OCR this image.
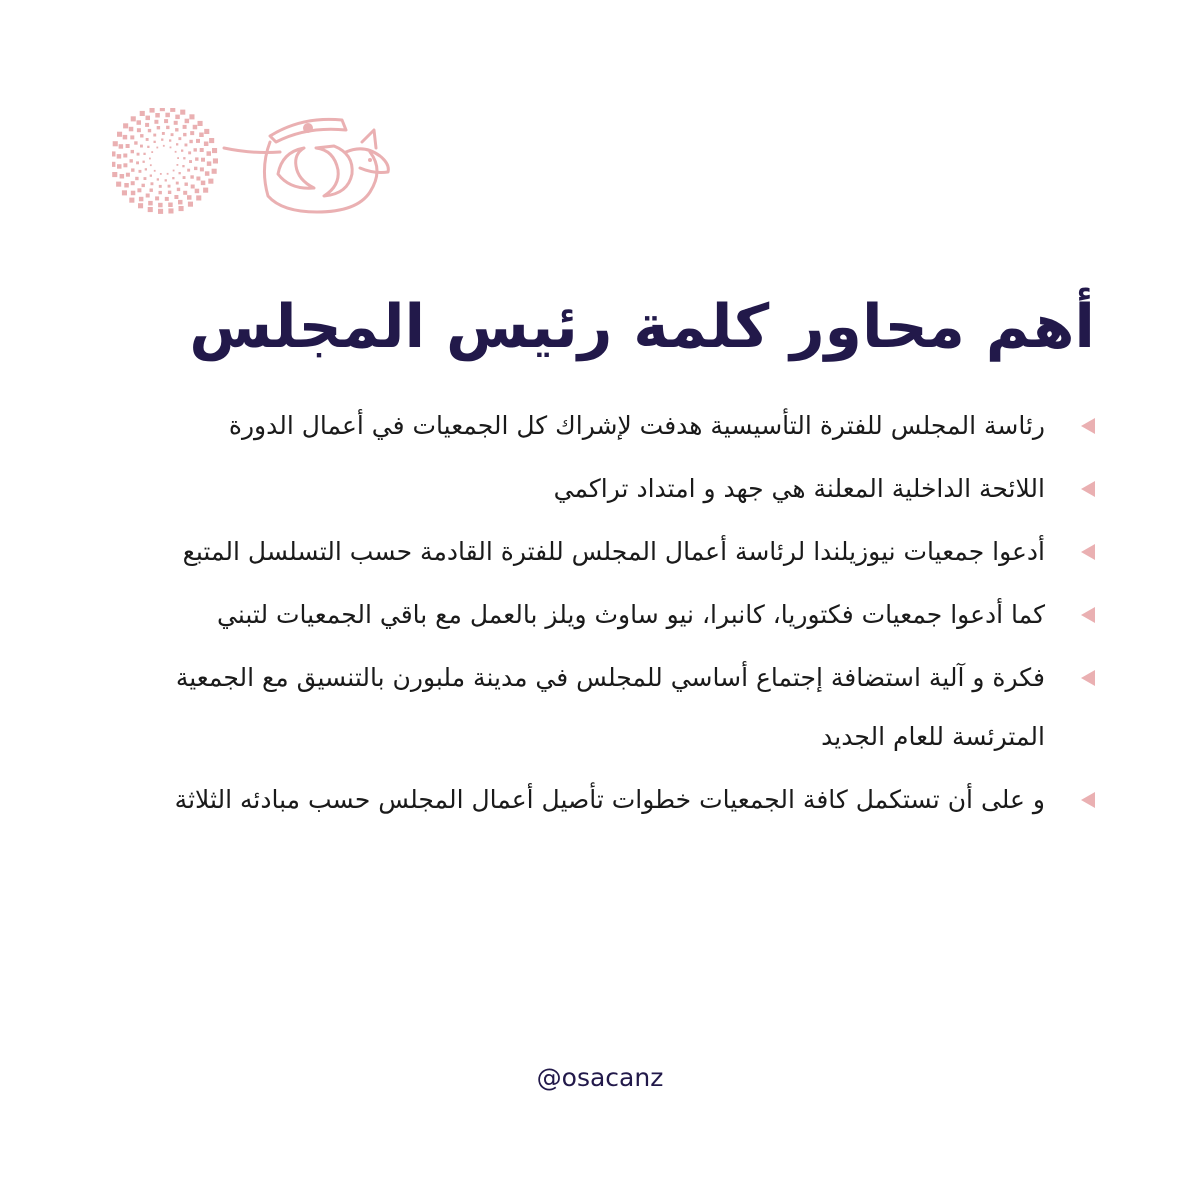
أهم محاور كلمة رئيس المجلس
رئاسة المجلس للفترة التأسيسية هدفت لإشراك كل الجمعيات في أعمال الدورة
اللائحة الداخلية المعلنة هي جهد و امتداد تراكمي
أدعوا جمعيات نيوزيلندا لرئاسة أعمال المجلس للفترة القادمة حسب التسلسل المتبع
كما أدعوا جمعيات فكتوريا، كانبرا، نيو ساوث ويلز بالعمل مع باقي الجمعيات لتبني
فكرة و آلية استضافة إجتماع أساسي للمجلس في مدينة ملبورن بالتنسيق مع الجمعية المترئسة للعام الجديد
و على أن تستكمل كافة الجمعيات خطوات تأصيل أعمال المجلس حسب مبادئه الثلاثة
@osacanz
